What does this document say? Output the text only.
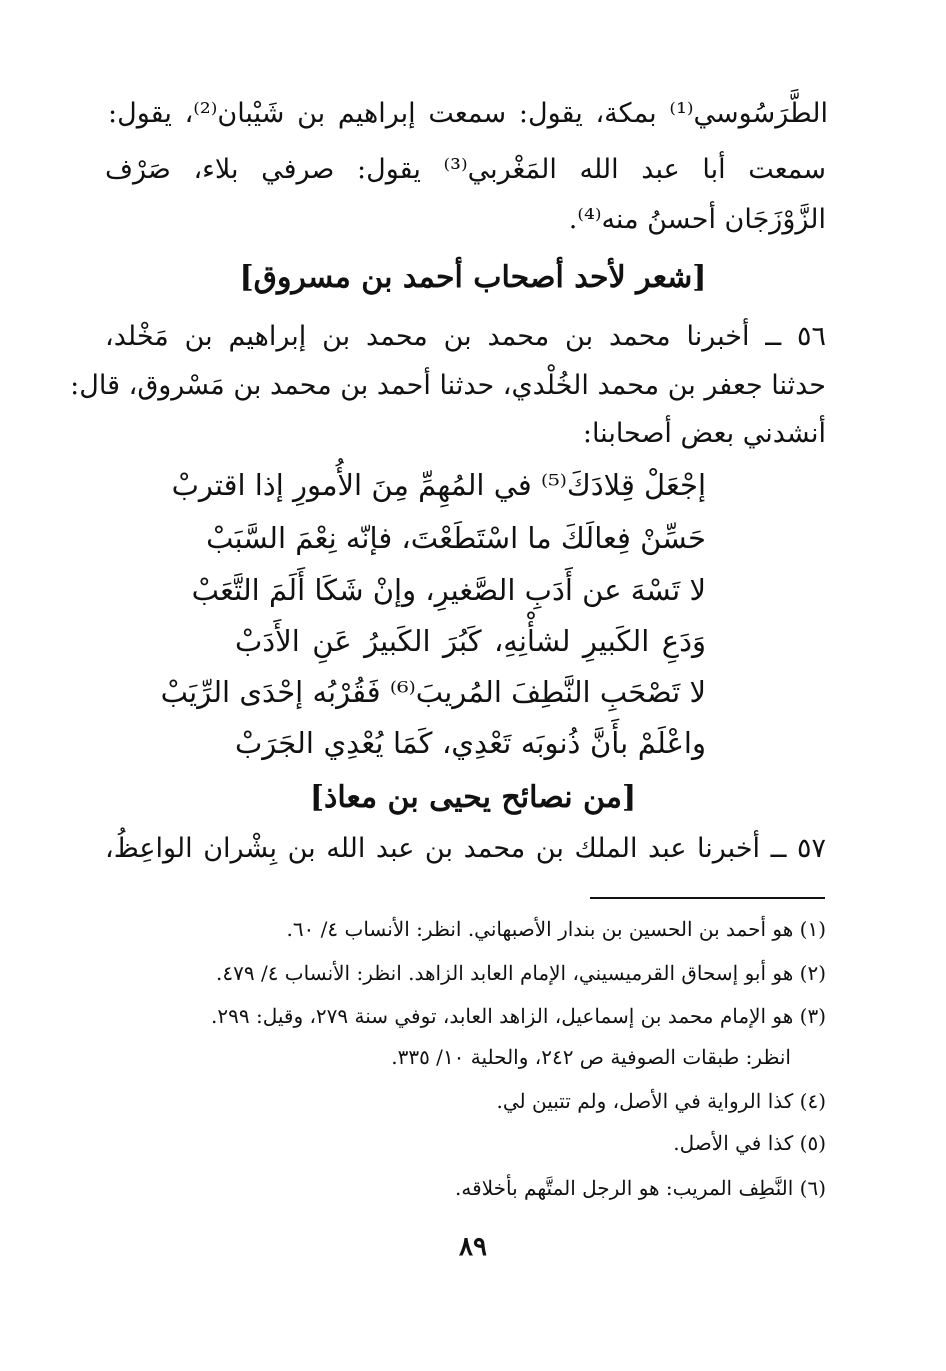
الطَّرَسُوسي⁽¹⁾ بمكة، يقول: سمعت إبراهيم بن شَيْبان⁽²⁾، يقول:
سمعت أبا عبد الله المَغْربي⁽³⁾ يقول: صرفي بلاء، صَرْف
الزَّوْزَجَان أحسنُ منه⁽⁴⁾.
[شعر لأحد أصحاب أحمد بن مسروق]
٥٦ ــ أخبرنا محمد بن محمد بن محمد بن إبراهيم بن مَخْلد،
حدثنا جعفر بن محمد الخُلْدي، حدثنا أحمد بن محمد بن مَسْروق، قال:
أنشدني بعض أصحابنا:
إجْعَلْ قِلادَكَ⁽⁵⁾ في المُهِمِّ مِنَ الأُمورِ إذا اقتربْ
حَسِّنْ فِعالَكَ ما اسْتَطَعْتَ، فإنّه نِعْمَ السَّبَبْ
لا تَسْهَ عن أَدَبِ الصَّغيرِ، وإنْ شَكَا أَلَمَ التَّعَبْ
وَدَعِ الكَبيرِ لشأْنِهِ، كَبُرَ الكَبيرُ عَنِ الأَدَبْ
لا تَصْحَبِ النَّطِفَ المُريبَ⁽⁶⁾ فَقُرْبُه إحْدَى الرِّيَبْ
واعْلَمْ بأَنَّ ذُنوبَه تَعْدِي، كَمَا يُعْدِي الجَرَبْ
[من نصائح يحيى بن معاذ]
٥٧ ــ أخبرنا عبد الملك بن محمد بن عبد الله بن بِشْران الواعِظُ،
(١) هو أحمد بن الحسين بن بندار الأصبهاني. انظر: الأنساب ٤/ ٦٠.
(٢) هو أبو إسحاق القرميسيني، الإمام العابد الزاهد. انظر: الأنساب ٤/ ٤٧٩.
(٣) هو الإمام محمد بن إسماعيل، الزاهد العابد، توفي سنة ٢٧٩، وقيل: ٢٩٩.
انظر: طبقات الصوفية ص ٢٤٢، والحلية ١٠/ ٣٣٥.
(٤) كذا الرواية في الأصل، ولم تتبين لي.
(٥) كذا في الأصل.
(٦) النَّطِف المريب: هو الرجل المتَّهم بأخلاقه.
٨٩
